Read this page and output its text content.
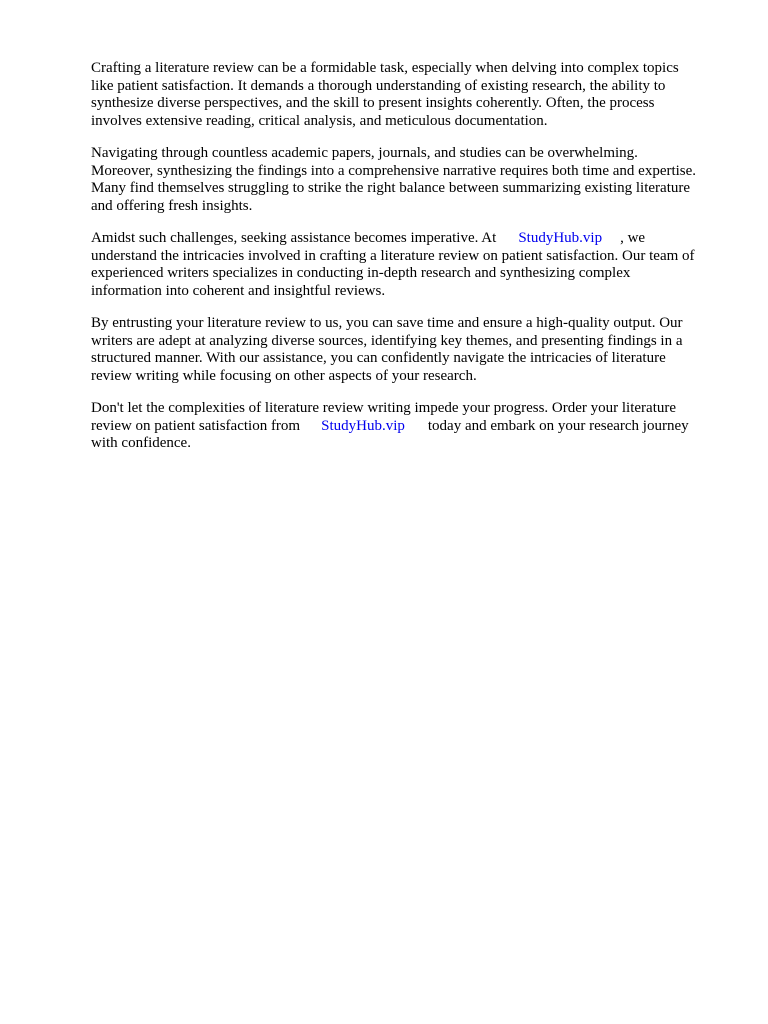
Crafting a literature review can be a formidable task, especially when delving into complex topics
like patient satisfaction. It demands a thorough understanding of existing research, the ability to
synthesize diverse perspectives, and the skill to present insights coherently. Often, the process
involves extensive reading, critical analysis, and meticulous documentation.
Navigating through countless academic papers, journals, and studies can be overwhelming.
Moreover, synthesizing the findings into a comprehensive narrative requires both time and expertise.
Many find themselves struggling to strike the right balance between summarizing existing literature
and offering fresh insights.
Amidst such challenges, seeking assistance becomes imperative. At StudyHub.vip , we
understand the intricacies involved in crafting a literature review on patient satisfaction. Our team of
experienced writers specializes in conducting in-depth research and synthesizing complex
information into coherent and insightful reviews.
By entrusting your literature review to us, you can save time and ensure a high-quality output. Our
writers are adept at analyzing diverse sources, identifying key themes, and presenting findings in a
structured manner. With our assistance, you can confidently navigate the intricacies of literature
review writing while focusing on other aspects of your research.
Don't let the complexities of literature review writing impede your progress. Order your literature
review on patient satisfaction from StudyHub.vip today and embark on your research journey
with confidence.
